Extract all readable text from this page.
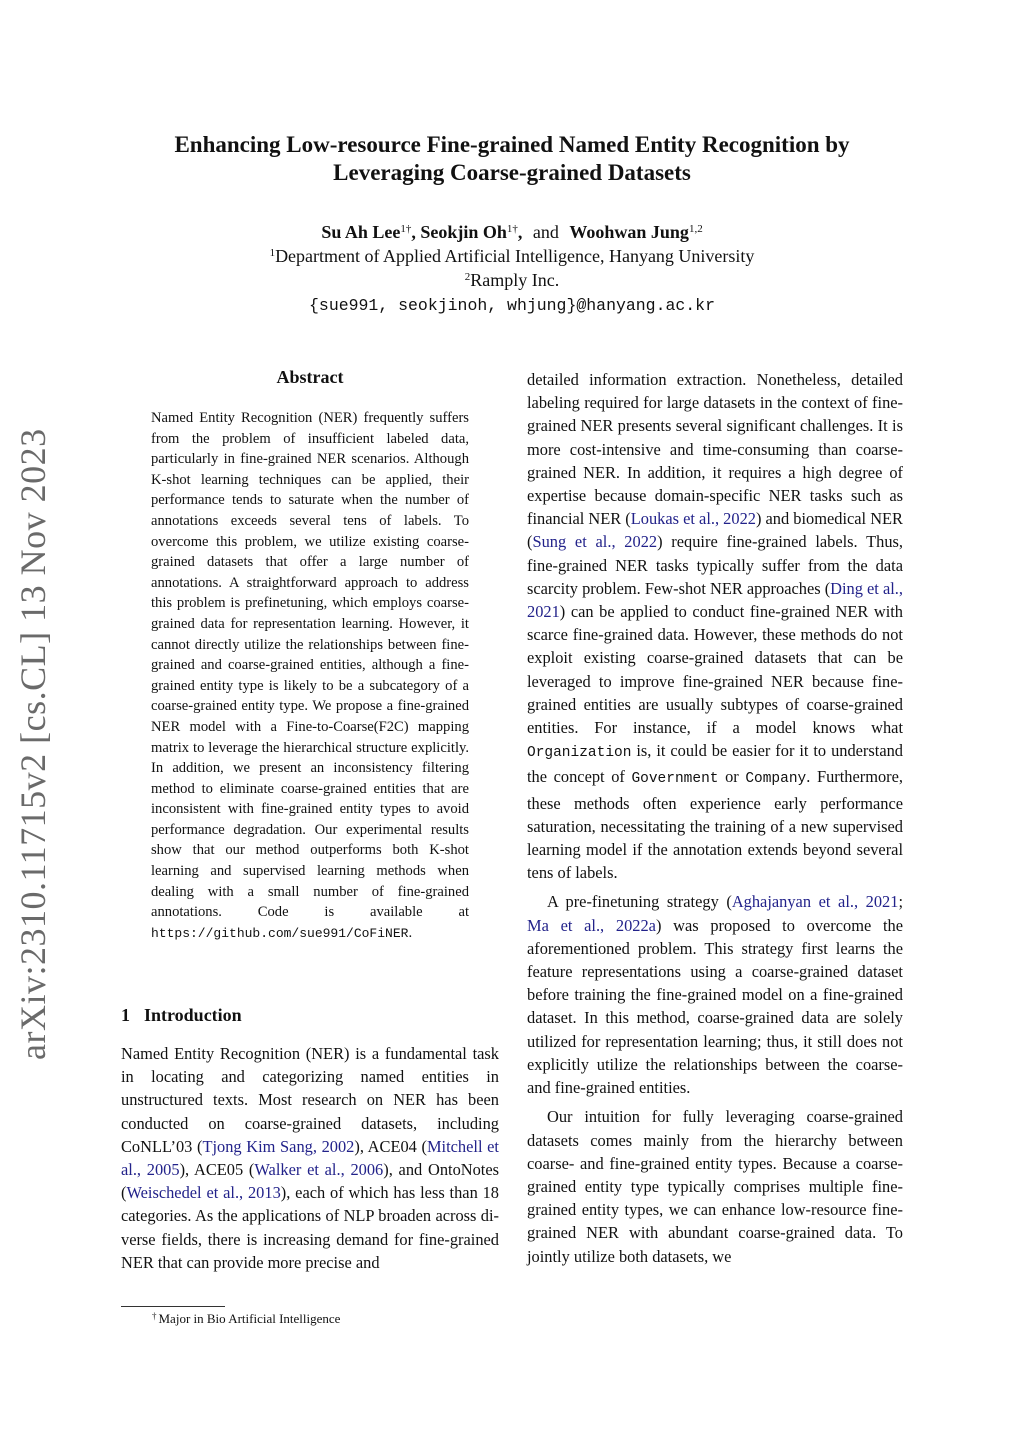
arXiv:2310.11715v2 [cs.CL] 13 Nov 2023
Enhancing Low-resource Fine-grained Named Entity Recognition by
Leveraging Coarse-grained Datasets
Su Ah Lee$^{1\dagger}$, Seokjin $Oh^{1\dagger}$, and Woohwan Jung$^{1,2}$
$^1$Department of Applied Artificial Intelligence, Hanyang University
$^2$Ramply Inc.
{sue991, seokjinoh, whjung}@hanyang.ac.kr
Abstract
Named Entity Recognition (NER) frequently suffers from the problem of insufficient labeled data, particularly in fine-grained NER scenarios. Although K-shot learning techniques can be applied, their performance tends to saturate when the number of annotations exceeds several tens of labels. To overcome this problem, we utilize existing coarse-grained datasets that offer a large number of annotations. A straightforward approach to address this problem is prefinetuning, which employs coarse-grained data for representation learning. However, it cannot directly utilize the relationships between fine-grained and coarse-grained entities, although a fine-grained entity type is likely to be a subcategory of a coarse-grained entity type. We propose a fine-grained NER model with a Fine-to-Coarse(F2C) mapping matrix to leverage the hierarchical structure explicitly. In addition, we present an inconsistency filtering method to eliminate coarse-grained entities that are inconsistent with fine-grained entity types to avoid performance degradation. Our experimental results show that our method outperforms both K-shot learning and supervised learning methods when dealing with a small number of fine-grained annotations. Code is available at https://github.com/sue991/CoFiNER.
1 Introduction
Named Entity Recognition (NER) is a fundamental task in locating and categorizing named entities in unstructured texts. Most research on NER has been conducted on coarse-grained datasets, including CoNLL’03 (Tjong Kim Sang, 2002), ACE04 (Mitchell et al., 2005), ACE05 (Walker et al., 2006), and OntoNotes (Weischedel et al., 2013), each of which has less than 18 categories. As the applications of NLP broaden across diverse fields, there is increasing demand for fine-grained NER that can provide more precise and
† Major in Bio Artificial Intelligence

detailed information extraction. Nonetheless, detailed labeling required for large datasets in the context of fine-grained NER presents several significant challenges. It is more cost-intensive and time-consuming than coarse-grained NER. In addition, it requires a high degree of expertise because domain-specific NER tasks such as financial NER (Loukas et al., 2022) and biomedical NER (Sung et al., 2022) require fine-grained labels. Thus, fine-grained NER tasks typically suffer from the data scarcity problem. Few-shot NER approaches (Ding et al., 2021) can be applied to conduct fine-grained NER with scarce fine-grained data. However, these methods do not exploit existing coarse-grained datasets that can be leveraged to improve fine-grained NER because fine-grained entities are usually subtypes of coarse-grained entities. For instance, if a model knows what Organization is, it could be easier for it to understand the concept of Government or Company. Furthermore, these methods often experience early performance saturation, necessitating the training of a new supervised learning model if the annotation extends beyond several tens of labels.

A pre-finetuning strategy (Aghajanyan et al., 2021; Ma et al., 2022a) was proposed to overcome the aforementioned problem. This strategy first learns the feature representations using a coarse-grained dataset before training the fine-grained model on a fine-grained dataset. In this method, coarse-grained data are solely utilized for representation learning; thus, it still does not explicitly utilize the relationships between the coarse- and fine-grained entities.

Our intuition for fully leveraging coarse-grained datasets comes mainly from the hierarchy between coarse- and fine-grained entity types. Because a coarse-grained entity type typically comprises multiple fine-grained entity types, we can enhance low-resource fine-grained NER with abundant coarse-grained data. To jointly utilize both datasets, we
